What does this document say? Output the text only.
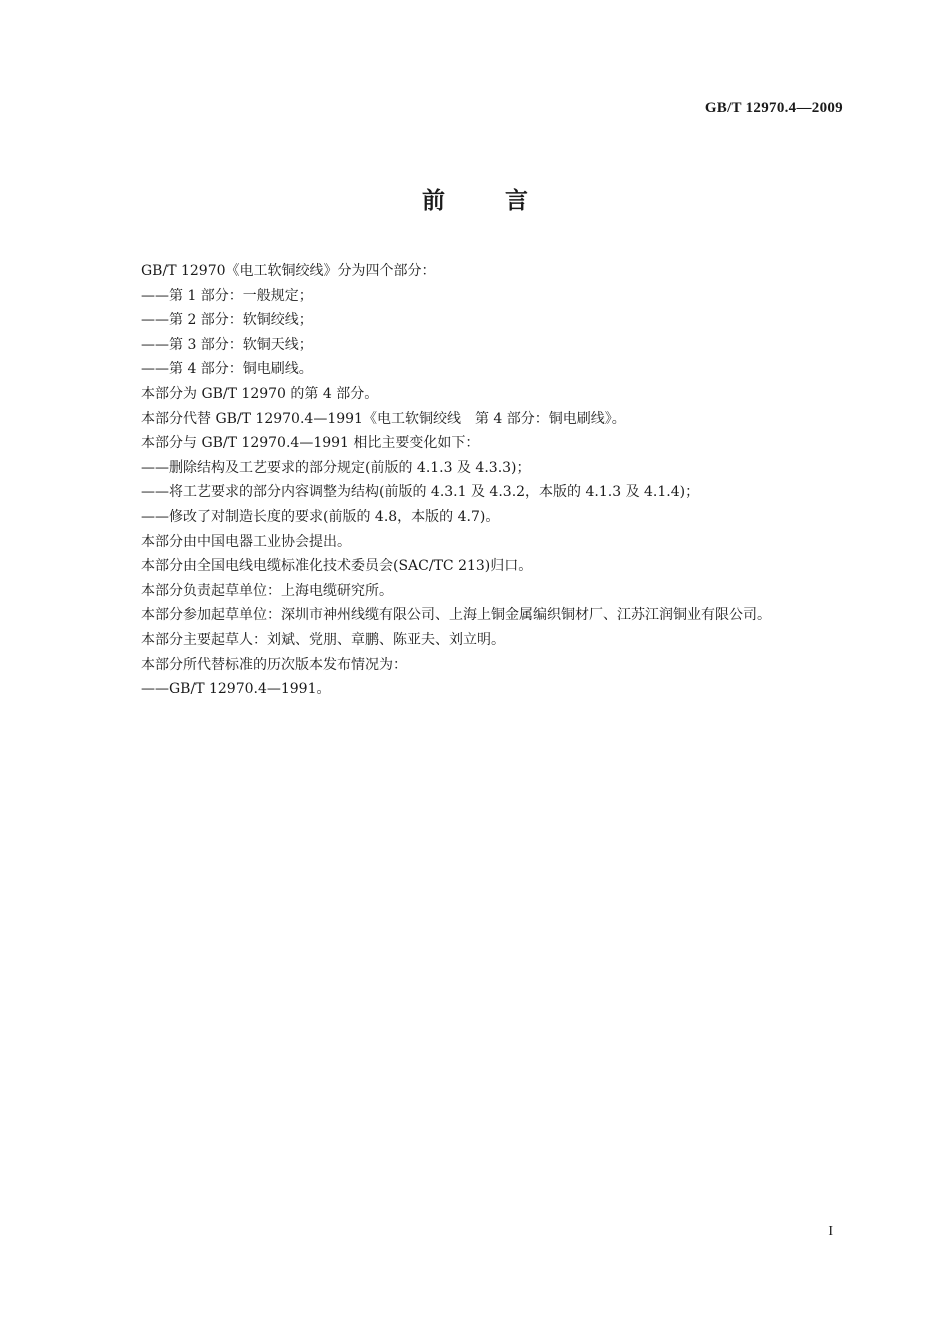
GB/T 12970.4—2009
前言

GB/T 12970《电工软铜绞线》分为四个部分：

——第 1 部分：一般规定；

——第 2 部分：软铜绞线；

——第 3 部分：软铜天线；

——第 4 部分：铜电刷线。

本部分为 GB/T 12970 的第 4 部分。

本部分代替 GB/T 12970.4—1991《电工软铜绞线　第 4 部分：铜电刷线》。

本部分与 GB/T 12970.4—1991 相比主要变化如下：

——删除结构及工艺要求的部分规定(前版的 4.1.3 及 4.3.3)；

——将工艺要求的部分内容调整为结构(前版的 4.3.1 及 4.3.2，本版的 4.1.3 及 4.1.4)；

——修改了对制造长度的要求(前版的 4.8，本版的 4.7)。

本部分由中国电器工业协会提出。

本部分由全国电线电缆标准化技术委员会(SAC/TC 213)归口。

本部分负责起草单位：上海电缆研究所。

本部分参加起草单位：深圳市神州线缆有限公司、上海上铜金属编织铜材厂、江苏江润铜业有限公司。

本部分主要起草人：刘斌、党朋、章鹏、陈亚夫、刘立明。

本部分所代替标准的历次版本发布情况为：

——GB/T 12970.4—1991。

I
